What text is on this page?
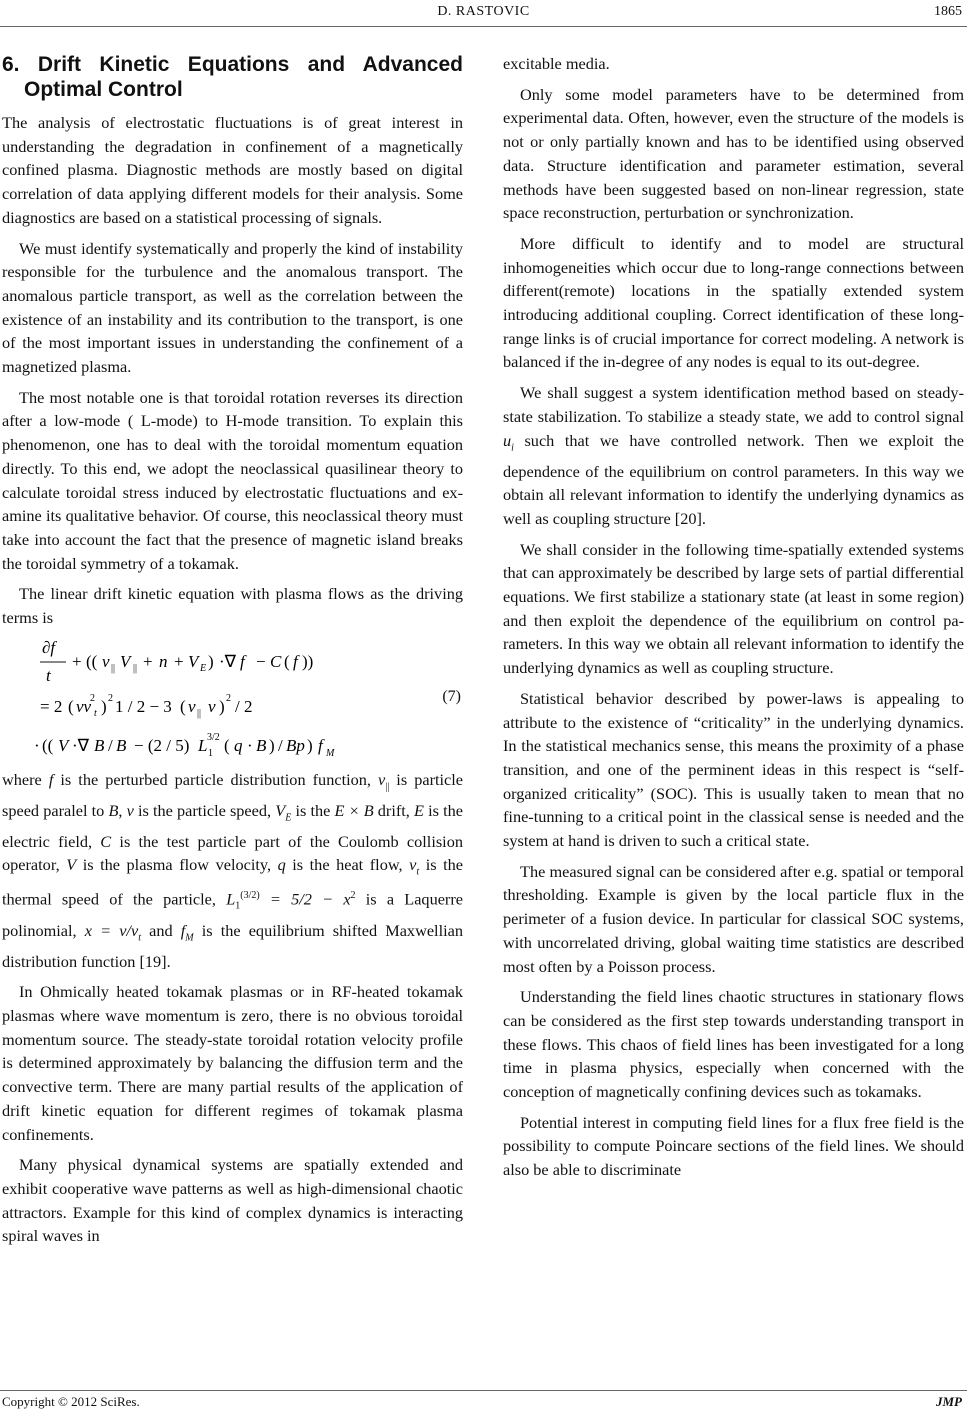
D. RASTOVIC	1865
6. Drift Kinetic Equations and Advanced Optimal Control

The analysis of electrostatic fluctuations is of great interest in understanding the degradation in confinement of a magnetically confined plasma. Diagnostic methods are mostly based on digital correlation of data applying different models for their analysis. Some diagnostics are based on a statistical processing of signals.

We must identify systematically and properly the kind of instability responsible for the turbulence and the anomalous transport. The anomalous particle transport, as well as the correlation between the existence of an instability and its contribution to the transport, is one of the most important issues in understanding the confinement of a magnetized plasma.

The most notable one is that toroidal rotation reverses its direction after a low-mode ( L-mode) to H-mode transition. To explain this phenomenon, one has to deal with the toroidal momentum equation directly. To this end, we adopt the neoclassical quasilinear theory to calculate toroidal stress induced by electrostatic fluctuations and examine its qualitative behavior. Of course, this neoclassical theory must take into account the fact that the presence of magnetic island breaks the toroidal symmetry of a tokamak.

The linear drift kinetic equation with plasma flows as the driving terms is

∂f
t
+ (( v || V || + n + V E ) ·∇ f − C ( f ))
= 2 ( vv t
2 ) 2 1 / 2 − 3 ( v || v ) 2 / 2
· (( V ·∇ B / B − (2 / 5) L 3/2
1 ( q · B ) / Bp ) f M
(7)

where f is the perturbed particle distribution function, $v_{||}$ is particle speed paralel to B, v is the particle speed, $V_E$ is the E × B drift, E is the electric field, C is the test particle part of the Coulomb collision operator, V is the plasma flow velocity, q is the heat flow, $v_t$ is the thermal speed of the particle, $L_1^{(3/2)} = 5/2 - x^2$ is a Laquerre polinomial, $x = v/v_t$ and $f_M$ is the equilibrium shifted Maxwellian distribution function [19].

In Ohmically heated tokamak plasmas or in RF-heated tokamak plasmas where wave momentum is zero, there is no obvious toroidal momentum source. The steady-state toroidal rotation velocity profile is determined approximately by balancing the diffusion term and the convective term. There are many partial results of the application of drift kinetic equation for different regimes of tokamak plasma confinements.

Many physical dynamical systems are spatially extended and exhibit cooperative wave patterns as well as high-dimensional chaotic attractors. Example for this kind of complex dynamics is interacting spiral waves in

excitable media.

Only some model parameters have to be determined from experimental data. Often, however, even the structure of the models is not or only partially known and has to be identified using observed data. Structure identification and parameter estimation, several methods have been suggested based on non-linear regression, state space reconstruction, perturbation or synchronization.

More difficult to identify and to model are structural inhomogeneities which occur due to long-range connections between different(remote) locations in the spatially extended system introducing additional coupling. Correct identification of these long-range links is of crucial importance for correct modeling. A network is balanced if the in-degree of any nodes is equal to its out-degree.

We shall suggest a system identification method based on steady-state stabilization. To stabilize a steady state, we add to control signal $u_i$ such that we have controlled network. Then we exploit the dependence of the equilibrium on control parameters. In this way we obtain all relevant information to identify the underlying dynamics as well as coupling structure [20].

We shall consider in the following time-spatially extended systems that can approximately be described by large sets of partial differential equations. We first stabilize a stationary state (at least in some region) and then exploit the dependence of the equilibrium on control parameters. In this way we obtain all relevant information to identify the underlying dynamics as well as coupling structure.

Statistical behavior described by power-laws is appealing to attribute to the existence of “criticality” in the underlying dynamics. In the statistical mechanics sense, this means the proximity of a phase transition, and one of the perminent ideas in this respect is “self-organized criticality” (SOC). This is usually taken to mean that no fine-tunning to a critical point in the classical sense is needed and the system at hand is driven to such a critical state.

The measured signal can be considered after e.g. spatial or temporal thresholding. Example is given by the local particle flux in the perimeter of a fusion device. In particular for classical SOC systems, with uncorrelated driving, global waiting time statistics are described most often by a Poisson process.

Understanding the field lines chaotic structures in stationary flows can be considered as the first step towards understanding transport in these flows. This chaos of field lines has been investigated for a long time in plasma physics, especially when concerned with the conception of magnetically confining devices such as tokamaks.

Potential interest in computing field lines for a flux free field is the possibility to compute Poincare sections of the field lines. We should also be able to discriminate

Copyright © 2012 SciRes.	JMP
